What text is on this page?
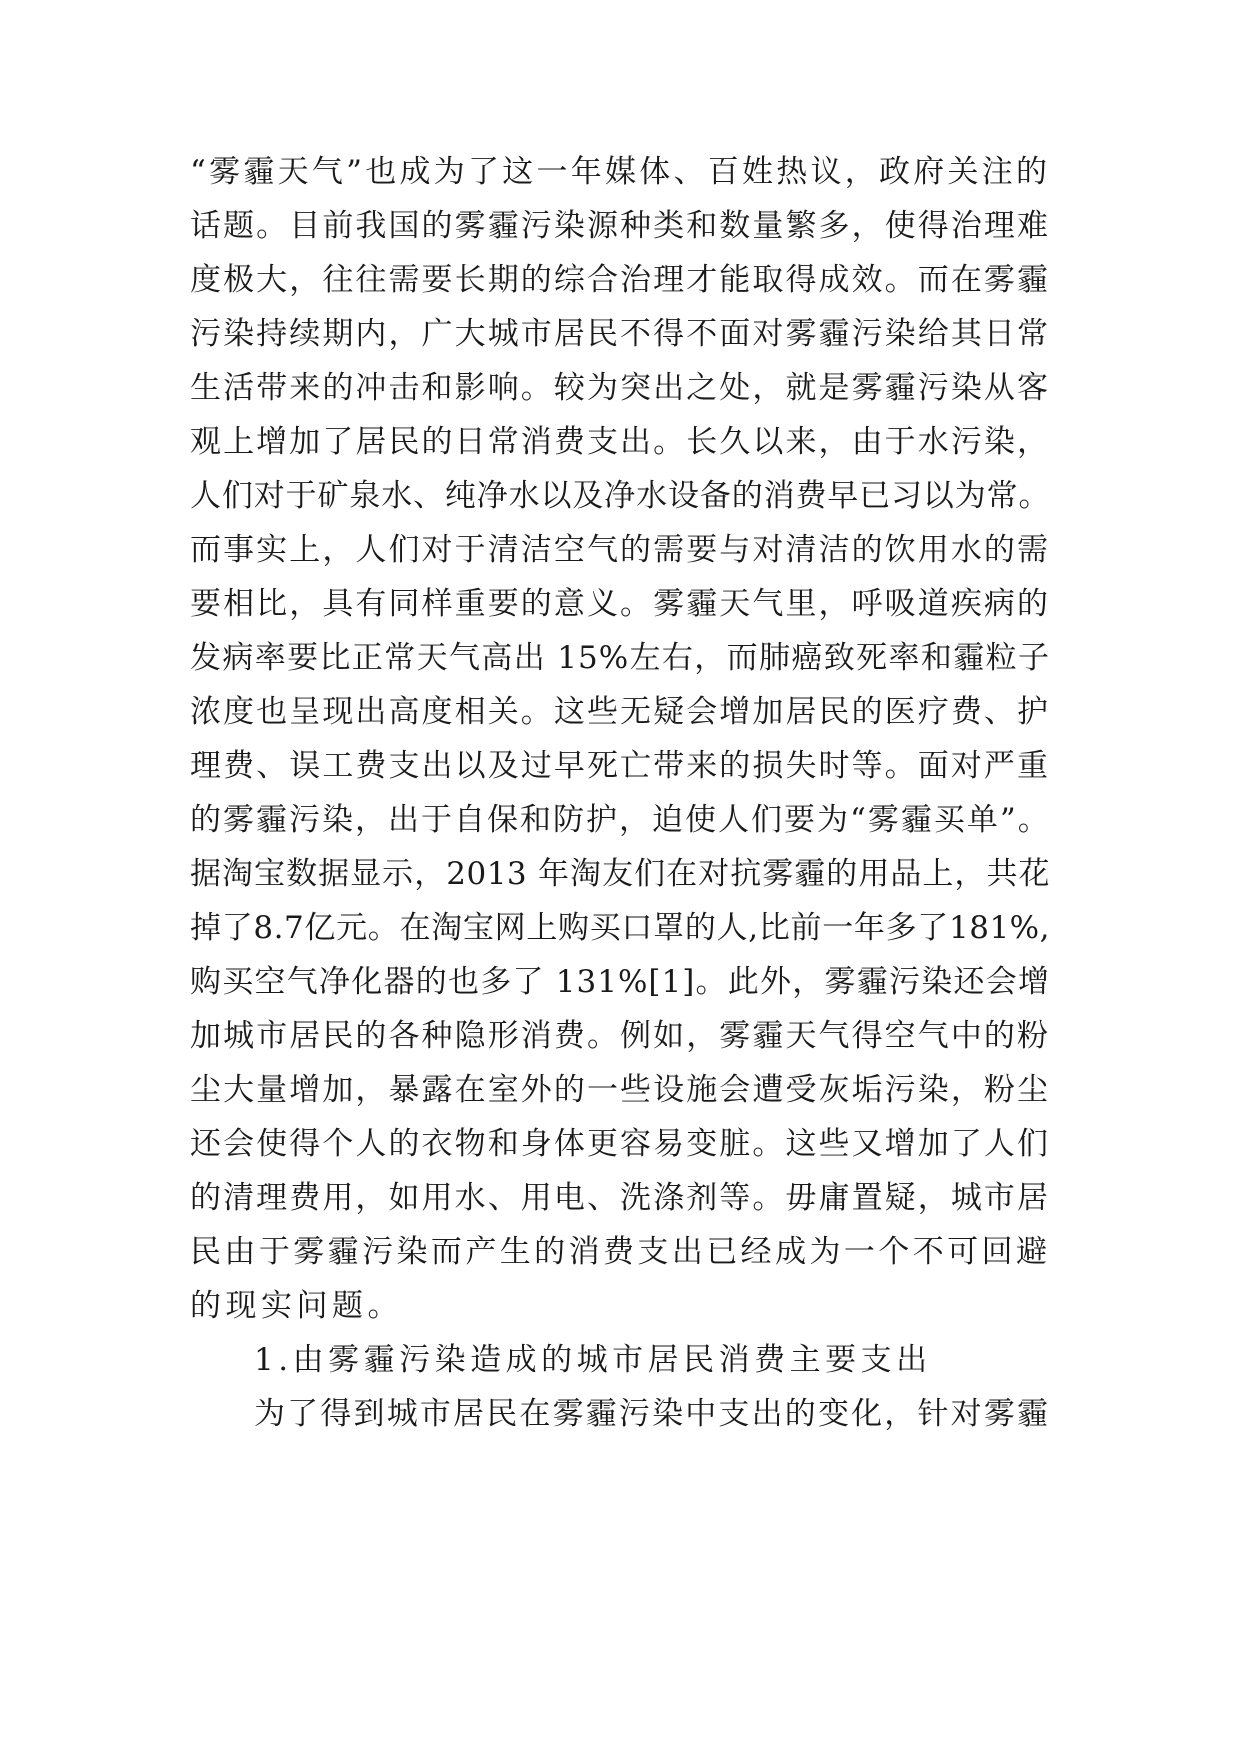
“雾霾天气”也成为了这一年媒体、百姓热议，政府关注的
话题。目前我国的雾霾污染源种类和数量繁多，使得治理难
度极大，往往需要长期的综合治理才能取得成效。而在雾霾
污染持续期内，广大城市居民不得不面对雾霾污染给其日常
生活带来的冲击和影响。较为突出之处，就是雾霾污染从客
观上增加了居民的日常消费支出。长久以来，由于水污染，
人们对于矿泉水、纯净水以及净水设备的消费早已习以为常。
而事实上，人们对于清洁空气的需要与对清洁的饮用水的需
要相比，具有同样重要的意义。雾霾天气里，呼吸道疾病的
发病率要比正常天气高出 15%左右，而肺癌致死率和霾粒子
浓度也呈现出高度相关。这些无疑会增加居民的医疗费、护
理费、误工费支出以及过早死亡带来的损失时等。面对严重
的雾霾污染，出于自保和防护，迫使人们要为“雾霾买单”。
据淘宝数据显示，2013 年淘友们在对抗雾霾的用品上，共花
掉了8.7亿元。在淘宝网上购买口罩的人,比前一年多了181%,
购买空气净化器的也多了 131%[1]。此外，雾霾污染还会增
加城市居民的各种隐形消费。例如，雾霾天气得空气中的粉
尘大量增加，暴露在室外的一些设施会遭受灰垢污染，粉尘
还会使得个人的衣物和身体更容易变脏。这些又增加了人们
的清理费用，如用水、用电、洗涤剂等。毋庸置疑，城市居
民由于雾霾污染而产生的消费支出已经成为一个不可回避
的现实问题。
1.由雾霾污染造成的城市居民消费主要支出
为了得到城市居民在雾霾污染中支出的变化，针对雾霾
